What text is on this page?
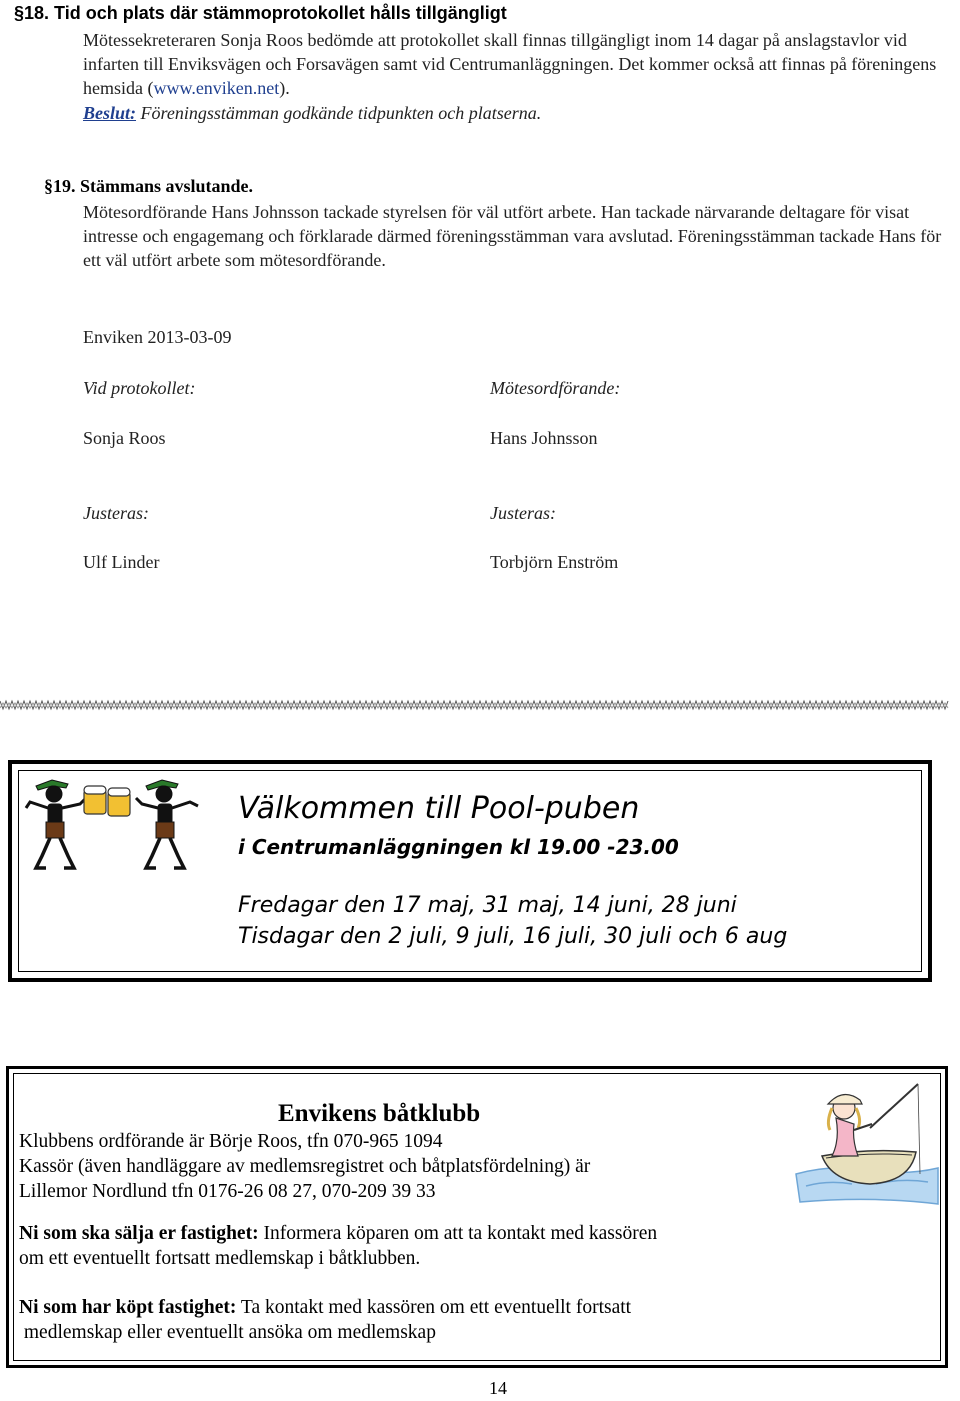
§18. Tid och plats där stämmoprotokollet hålls tillgängligt
Mötessekreteraren Sonja Roos bedömde att protokollet skall finnas tillgängligt inom 14 dagar på anslagstavlor vid infarten till Enviksvägen och Forsavägen samt vid Centrumanläggningen. Det kommer också att finnas på föreningens hemsida (www.enviken.net).
Beslut: Föreningsstämman godkände tidpunkten och platserna.
§19. Stämmans avslutande.
Mötesordförande Hans Johnsson tackade styrelsen för väl utfört arbete. Han tackade närvarande deltagare för visat intresse och engagemang och förklarade därmed föreningsstämman vara avslutad. Föreningsstämman tackade Hans för ett väl utfört arbete som mötesordförande.
Enviken 2013-03-09
Vid protokollet:
Sonja Roos
Mötesordförande:
Hans Johnsson
Justeras:
Ulf Linder
Justeras:
Torbjörn Enström
Välkommen till Pool-puben
i Centrumanläggningen kl 19.00 -23.00
Fredagar den 17 maj, 31 maj, 14 juni, 28 juni
Tisdagar den 2 juli, 9 juli, 16 juli, 30 juli och 6 aug
Envikens båtklubb
Klubbens ordförande är Börje Roos, tfn 070-965 1094
Kassör (även handläggare av medlemsregistret och båtplatsfördelning) är
Lillemor Nordlund tfn 0176-26 08 27, 070-209 39 33
Ni som ska sälja er fastighet: Informera köparen om att ta kontakt med kassören
om ett eventuellt fortsatt medlemskap i båtklubben.
Ni som har köpt fastighet: Ta kontakt med kassören om ett eventuellt fortsatt
medlemskap eller eventuellt ansöka om medlemskap
14
